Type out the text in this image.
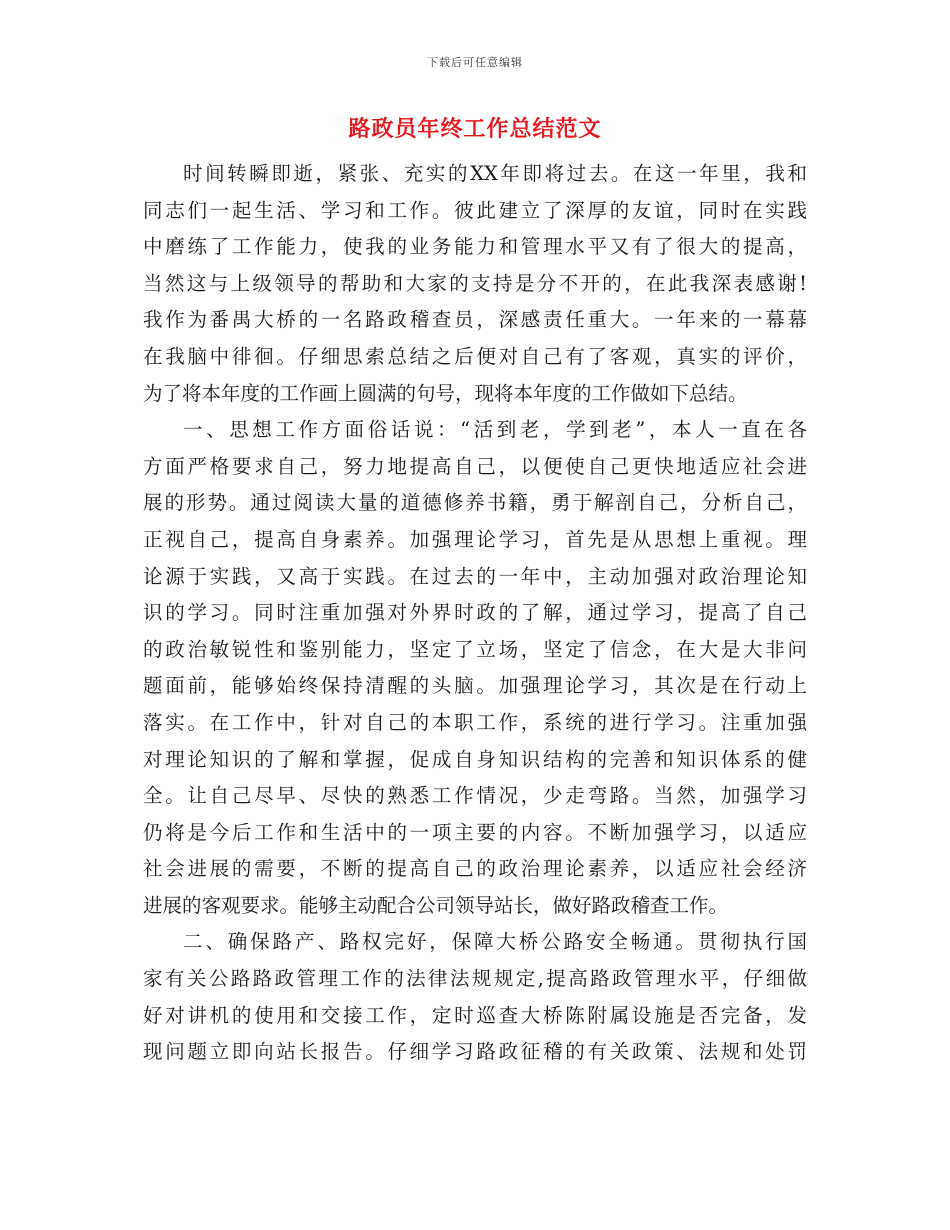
下载后可任意编辑
路政员年终工作总结范文
时间转瞬即逝，紧张、充实的XX年即将过去。在这一年里，我和
同志们一起生活、学习和工作。彼此建立了深厚的友谊，同时在实践
中磨练了工作能力，使我的业务能力和管理水平又有了很大的提高，
当然这与上级领导的帮助和大家的支持是分不开的，在此我深表感谢!
我作为番禺大桥的一名路政稽查员，深感责任重大。一年来的一幕幕
在我脑中徘徊。仔细思索总结之后便对自己有了客观，真实的评价，
为了将本年度的工作画上圆满的句号，现将本年度的工作做如下总结。
一、思想工作方面俗话说：“活到老，学到老”，本人一直在各
方面严格要求自己，努力地提高自己，以便使自己更快地适应社会进
展的形势。通过阅读大量的道德修养书籍，勇于解剖自己，分析自己，
正视自己，提高自身素养。加强理论学习，首先是从思想上重视。理
论源于实践，又高于实践。在过去的一年中，主动加强对政治理论知
识的学习。同时注重加强对外界时政的了解，通过学习，提高了自己
的政治敏锐性和鉴别能力，坚定了立场，坚定了信念，在大是大非问
题面前，能够始终保持清醒的头脑。加强理论学习，其次是在行动上
落实。在工作中，针对自己的本职工作，系统的进行学习。注重加强
对理论知识的了解和掌握，促成自身知识结构的完善和知识体系的健
全。让自己尽早、尽快的熟悉工作情况，少走弯路。当然，加强学习
仍将是今后工作和生活中的一项主要的内容。不断加强学习，以适应
社会进展的需要，不断的提高自己的政治理论素养，以适应社会经济
进展的客观要求。能够主动配合公司领导站长，做好路政稽查工作。
二、确保路产、路权完好，保障大桥公路安全畅通。贯彻执行国
家有关公路路政管理工作的法律法规规定,提高路政管理水平，仔细做
好对讲机的使用和交接工作，定时巡查大桥陈附属设施是否完备，发
现问题立即向站长报告。仔细学习路政征稽的有关政策、法规和处罚
